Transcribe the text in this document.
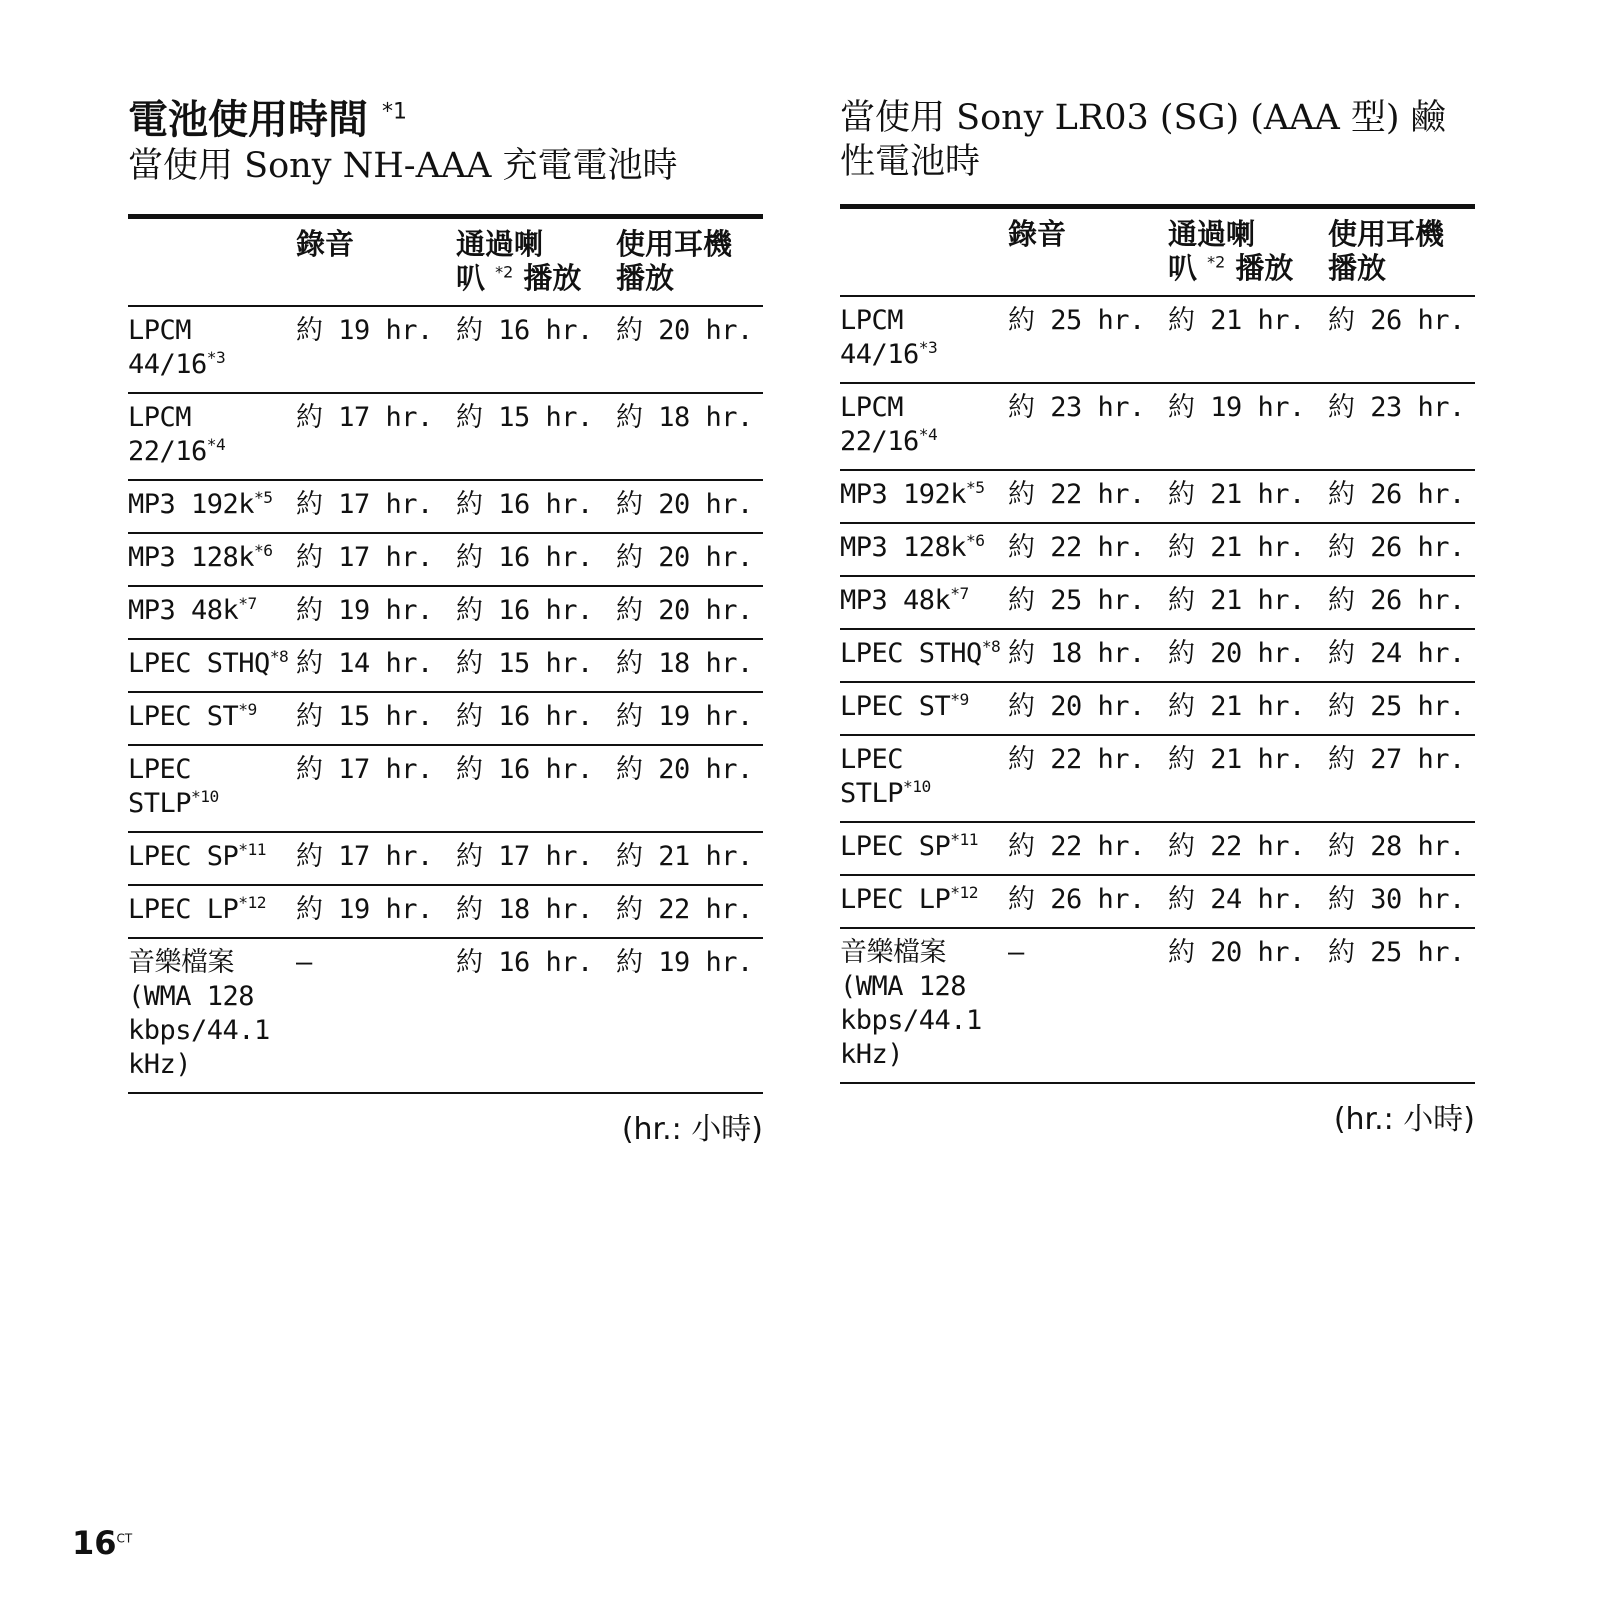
電池使用時間 $^{*1}$

當使用 Sony NH-AAA 充電電池時

	錄音	通過喇
叭 $^{*2}$ 播放	使用耳機
播放
LPCM 44/16$^{*3}$	約 19 hr.	約 16 hr.	約 20 hr.
LPCM 22/16$^{*4}$	約 17 hr.	約 15 hr.	約 18 hr.
MP3 192k$^{*5}$	約 17 hr.	約 16 hr.	約 20 hr.
MP3 128k$^{*6}$	約 17 hr.	約 16 hr.	約 20 hr.
MP3 48k$^{*7}$	約 19 hr.	約 16 hr.	約 20 hr.
LPEC STHQ$^{*8}$	約 14 hr.	約 15 hr.	約 18 hr.
LPEC ST$^{*9}$	約 15 hr.	約 16 hr.	約 19 hr.
LPEC STLP$^{*10}$	約 17 hr.	約 16 hr.	約 20 hr.
LPEC SP$^{*11}$	約 17 hr.	約 17 hr.	約 21 hr.
LPEC LP$^{*12}$	約 19 hr.	約 18 hr.	約 22 hr.
音樂檔案 (WMA 128 kbps/44.1 kHz)	—	約 16 hr.	約 19 hr.
(hr.: 小時)

當使用 Sony LR03 (SG) (AAA 型) 鹼性電池時

	錄音	通過喇
叭 $^{*2}$ 播放	使用耳機
播放
LPCM 44/16$^{*3}$	約 25 hr.	約 21 hr.	約 26 hr.
LPCM 22/16$^{*4}$	約 23 hr.	約 19 hr.	約 23 hr.
MP3 192k$^{*5}$	約 22 hr.	約 21 hr.	約 26 hr.
MP3 128k$^{*6}$	約 22 hr.	約 21 hr.	約 26 hr.
MP3 48k$^{*7}$	約 25 hr.	約 21 hr.	約 26 hr.
LPEC STHQ$^{*8}$	約 18 hr.	約 20 hr.	約 24 hr.
LPEC ST$^{*9}$	約 20 hr.	約 21 hr.	約 25 hr.
LPEC STLP$^{*10}$	約 22 hr.	約 21 hr.	約 27 hr.
LPEC SP$^{*11}$	約 22 hr.	約 22 hr.	約 28 hr.
LPEC LP$^{*12}$	約 26 hr.	約 24 hr.	約 30 hr.
音樂檔案 (WMA 128 kbps/44.1 kHz)	—	約 20 hr.	約 25 hr.
(hr.: 小時)
$16^{CT}$
